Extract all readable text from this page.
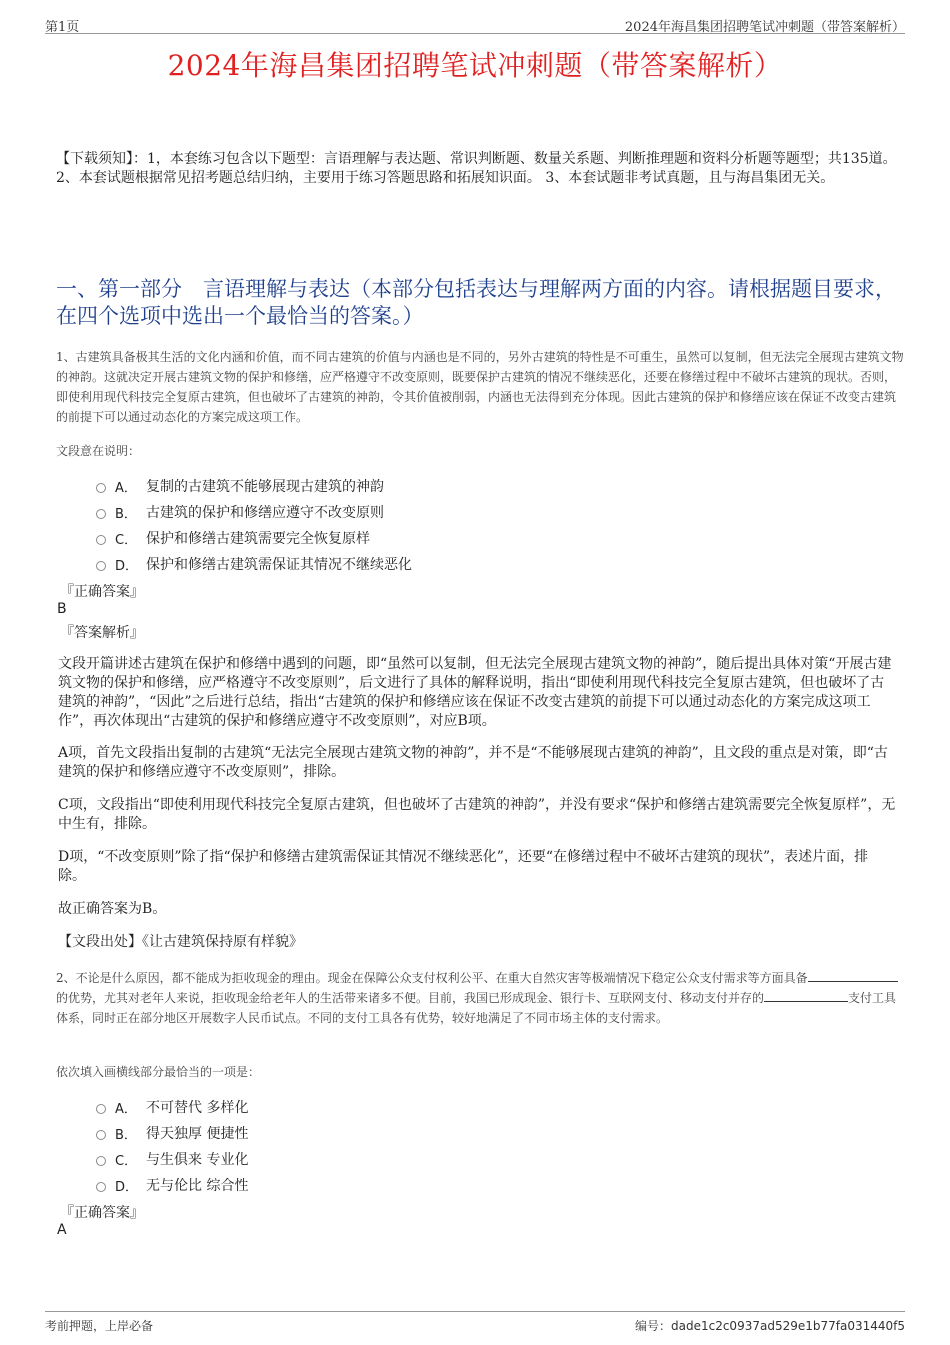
第1页	2024年海昌集团招聘笔试冲刺题（带答案解析）
2024年海昌集团招聘笔试冲刺题（带答案解析）
【下载须知】：1，本套练习包含以下题型：言语理解与表达题、常识判断题、数量关系题、判断推理题和资料分析题等题型；共135道。 2、本套试题根据常见招考题总结归纳，主要用于练习答题思路和拓展知识面。 3、本套试题非考试真题，且与海昌集团无关。
一、第一部分　言语理解与表达（本部分包括表达与理解两方面的内容。请根据题目要求，在四个选项中选出一个最恰当的答案。）
1、古建筑具备极其生活的文化内涵和价值，而不同古建筑的价值与内涵也是不同的，另外古建筑的特性是不可重生，虽然可以复制，但无法完全展现古建筑文物的神韵。这就决定开展古建筑文物的保护和修缮，应严格遵守不改变原则，既要保护古建筑的情况不继续恶化，还要在修缮过程中不破坏古建筑的现状。否则，即使利用现代科技完全复原古建筑，但也破坏了古建筑的神韵，令其价值被削弱，内涵也无法得到充分体现。因此古建筑的保护和修缮应该在保证不改变古建筑的前提下可以通过动态化的方案完成这项工作。
文段意在说明：
A． 复制的古建筑不能够展现古建筑的神韵
B． 古建筑的保护和修缮应遵守不改变原则
C． 保护和修缮古建筑需要完全恢复原样
D． 保护和修缮古建筑需保证其情况不继续恶化
『正确答案』
B
『答案解析』
文段开篇讲述古建筑在保护和修缮中遇到的问题，即“虽然可以复制，但无法完全展现古建筑文物的神韵”，随后提出具体对策“开展古建筑文物的保护和修缮，应严格遵守不改变原则”，后文进行了具体的解释说明，指出“即使利用现代科技完全复原古建筑，但也破坏了古建筑的神韵”，“因此”之后进行总结，指出“古建筑的保护和修缮应该在保证不改变古建筑的前提下可以通过动态化的方案完成这项工作”，再次体现出“古建筑的保护和修缮应遵守不改变原则”，对应B项。
A项，首先文段指出复制的古建筑“无法完全展现古建筑文物的神韵”，并不是“不能够展现古建筑的神韵”，且文段的重点是对策，即“古建筑的保护和修缮应遵守不改变原则”，排除。
C项，文段指出“即使利用现代科技完全复原古建筑，但也破坏了古建筑的神韵”，并没有要求“保护和修缮古建筑需要完全恢复原样”，无中生有，排除。
D项，“不改变原则”除了指“保护和修缮古建筑需保证其情况不继续恶化”，还要“在修缮过程中不破坏古建筑的现状”，表述片面，排除。
故正确答案为B。
【文段出处】《让古建筑保持原有样貌》
2、不论是什么原因，都不能成为拒收现金的理由。现金在保障公众支付权利公平、在重大自然灾害等极端情况下稳定公众支付需求等方面具备的优势，尤其对老年人来说，拒收现金给老年人的生活带来诸多不便。目前，我国已形成现金、银行卡、互联网支付、移动支付并存的	支付工具体系，同时正在部分地区开展数字人民币试点。不同的支付工具各有优势，较好地满足了不同市场主体的支付需求。
依次填入画横线部分最恰当的一项是：
A． 不可替代 多样化
B． 得天独厚 便捷性
C． 与生俱来 专业化
D． 无与伦比 综合性
『正确答案』
A
考前押题，上岸必备	编号：dade1c2c0937ad529e1b77fa031440f5
